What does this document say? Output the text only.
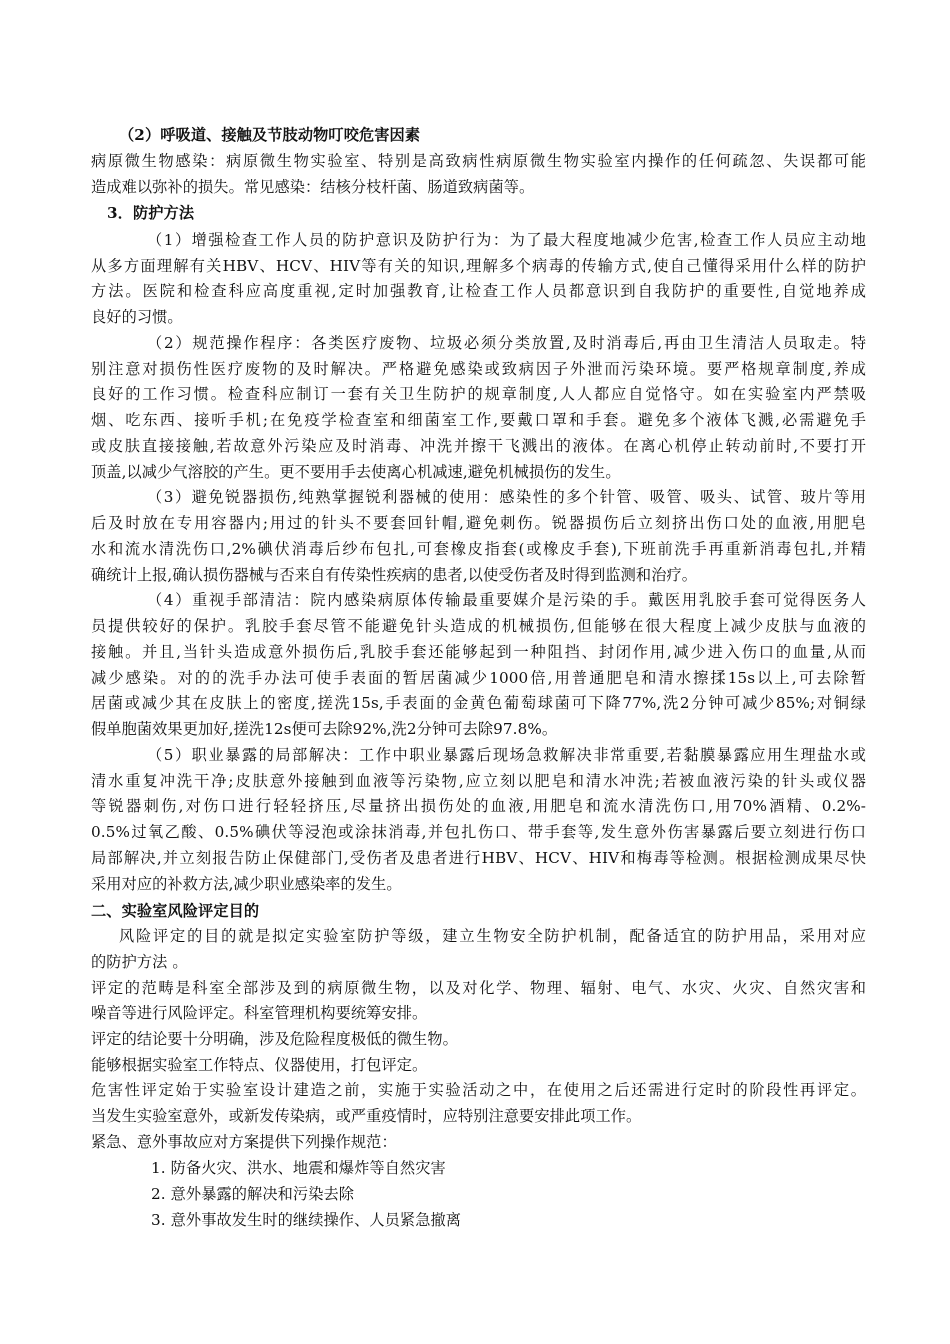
（2）呼吸道、接触及节肢动物叮咬危害因素
病原微生物感染：病原微生物实验室、特别是高致病性病原微生物实验室内操作的任何疏忽、失误都可能
造成难以弥补的损失。常见感染：结核分枝杆菌、肠道致病菌等。
3．防护方法
（1）增强检查工作人员的防护意识及防护行为：为了最大程度地减少危害,检查工作人员应主动地
从多方面理解有关HBV、HCV、HIV等有关的知识,理解多个病毒的传输方式,使自己懂得采用什么样的防护
方法。医院和检查科应高度重视,定时加强教育,让检查工作人员都意识到自我防护的重要性,自觉地养成
良好的习惯。
（2）规范操作程序：各类医疗废物、垃圾必须分类放置,及时消毒后,再由卫生清洁人员取走。特
别注意对损伤性医疗废物的及时解决。严格避免感染或致病因子外泄而污染环境。要严格规章制度,养成
良好的工作习惯。检查科应制订一套有关卫生防护的规章制度,人人都应自觉恪守。如在实验室内严禁吸
烟、吃东西、接听手机;在免疫学检查室和细菌室工作,要戴口罩和手套。避免多个液体飞溅,必需避免手
或皮肤直接接触,若故意外污染应及时消毒、冲洗并擦干飞溅出的液体。在离心机停止转动前时,不要打开
顶盖,以减少气溶胶的产生。更不要用手去使离心机减速,避免机械损伤的发生。
（3）避免锐器损伤,纯熟掌握锐利器械的使用：感染性的多个针管、吸管、吸头、试管、玻片等用
后及时放在专用容器内;用过的针头不要套回针帽,避免刺伤。锐器损伤后立刻挤出伤口处的血液,用肥皂
水和流水清洗伤口,2%碘伏消毒后纱布包扎,可套橡皮指套(或橡皮手套),下班前洗手再重新消毒包扎,并精
确统计上报,确认损伤器械与否来自有传染性疾病的患者,以使受伤者及时得到监测和治疗。
（4）重视手部清洁：院内感染病原体传输最重要媒介是污染的手。戴医用乳胶手套可觉得医务人
员提供较好的保护。乳胶手套尽管不能避免针头造成的机械损伤,但能够在很大程度上减少皮肤与血液的
接触。并且,当针头造成意外损伤后,乳胶手套还能够起到一种阻挡、封闭作用,减少进入伤口的血量,从而
减少感染。对的的洗手办法可使手表面的暂居菌减少1000倍,用普通肥皂和清水擦揉15s以上,可去除暂
居菌或减少其在皮肤上的密度,搓洗15s,手表面的金黄色葡萄球菌可下降77%,洗2分钟可减少85%;对铜绿
假单胞菌效果更加好,搓洗12s便可去除92%,洗2分钟可去除97.8%。
（5）职业暴露的局部解决：工作中职业暴露后现场急救解决非常重要,若黏膜暴露应用生理盐水或
清水重复冲洗干净;皮肤意外接触到血液等污染物,应立刻以肥皂和清水冲洗;若被血液污染的针头或仪器
等锐器刺伤,对伤口进行轻轻挤压,尽量挤出损伤处的血液,用肥皂和流水清洗伤口,用70%酒精、0.2%-
0.5%过氧乙酸、0.5%碘伏等浸泡或涂抹消毒,并包扎伤口、带手套等,发生意外伤害暴露后要立刻进行伤口
局部解决,并立刻报告防止保健部门,受伤者及患者进行HBV、HCV、HIV和梅毒等检测。根据检测成果尽快
采用对应的补救方法,减少职业感染率的发生。
二、实验室风险评定目的
风险评定的目的就是拟定实验室防护等级，建立生物安全防护机制，配备适宜的防护用品，采用对应
的防护方法 。
评定的范畴是科室全部涉及到的病原微生物，以及对化学、物理、辐射、电气、水灾、火灾、自然灾害和
噪音等进行风险评定。科室管理机构要统筹安排。
评定的结论要十分明确，涉及危险程度极低的微生物。
能够根据实验室工作特点、仪器使用，打包评定。
危害性评定始于实验室设计建造之前，实施于实验活动之中，在使用之后还需进行定时的阶段性再评定。
当发生实验室意外，或新发传染病，或严重疫情时，应特别注意要安排此项工作。
紧急、意外事故应对方案提供下列操作规范：
1. 防备火灾、洪水、地震和爆炸等自然灾害
2. 意外暴露的解决和污染去除
3. 意外事故发生时的继续操作、人员紧急撤离
